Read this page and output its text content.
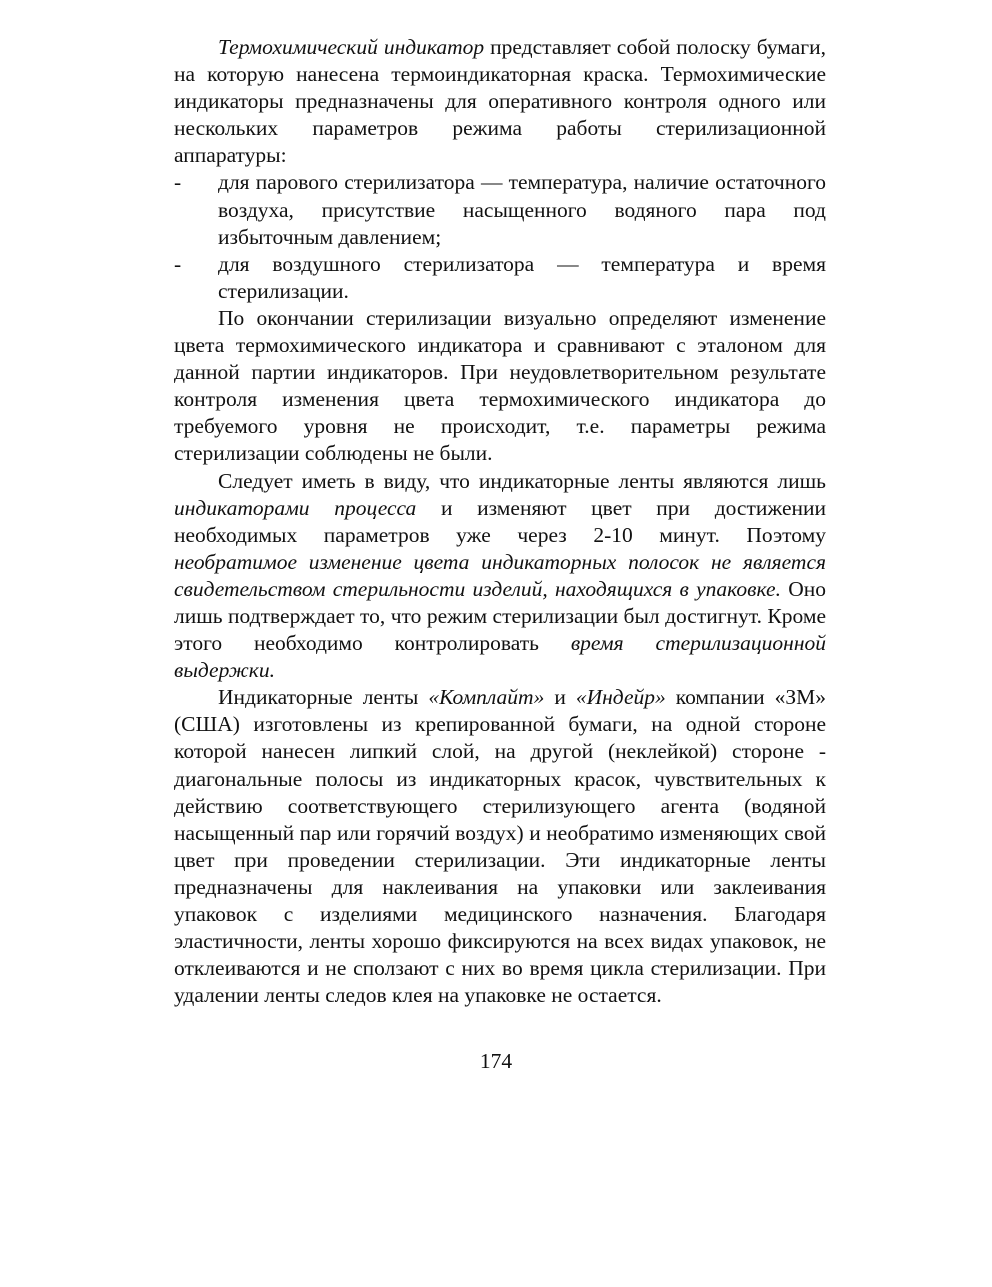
Термохимический индикатор представляет собой полоску бумаги, на которую нанесена термоиндикаторная краска. Термохимические индикаторы предназначены для оперативного контроля одного или нескольких параметров режима работы стерилизационной аппаратуры:

- для парового стерилизатора — температура, наличие остаточного воздуха, присутствие насыщенного водяного пара под избыточным давлением;
- для воздушного стерилизатора — температура и время стерилизации.

По окончании стерилизации визуально определяют изменение цвета термохимического индикатора и сравнивают с эталоном для данной партии индикаторов. При неудовлетворительном результате контроля изменения цвета термохимического индикатора до требуемого уровня не происходит, т.е. параметры режима стерилизации соблюдены не были.

Следует иметь в виду, что индикаторные ленты являются лишь индикаторами процесса и изменяют цвет при достижении необходимых параметров уже через 2-10 минут. Поэтому необратимое изменение цвета индикаторных полосок не является свидетельством стерильности изделий, находящихся в упаковке. Оно лишь подтверждает то, что режим стерилизации был достигнут. Кроме этого необходимо контролировать время стерилизационной выдержки.

Индикаторные ленты «Комплайт» и «Индейр» компании «ЗМ» (США) изготовлены из крепированной бумаги, на одной стороне которой нанесен липкий слой, на другой (неклейкой) стороне - диагональные полосы из индикаторных красок, чувствительных к действию соответствующего стерилизующего агента (водяной насыщенный пар или горячий воздух) и необратимо изменяющих свой цвет при проведении стерилизации. Эти индикаторные ленты предназначены для наклеивания на упаковки или заклеивания упаковок с изделиями медицинского назначения. Благодаря эластичности, ленты хорошо фиксируются на всех видах упаковок, не отклеиваются и не сползают с них во время цикла стерилизации. При удалении ленты следов клея на упаковке не остается.

174
